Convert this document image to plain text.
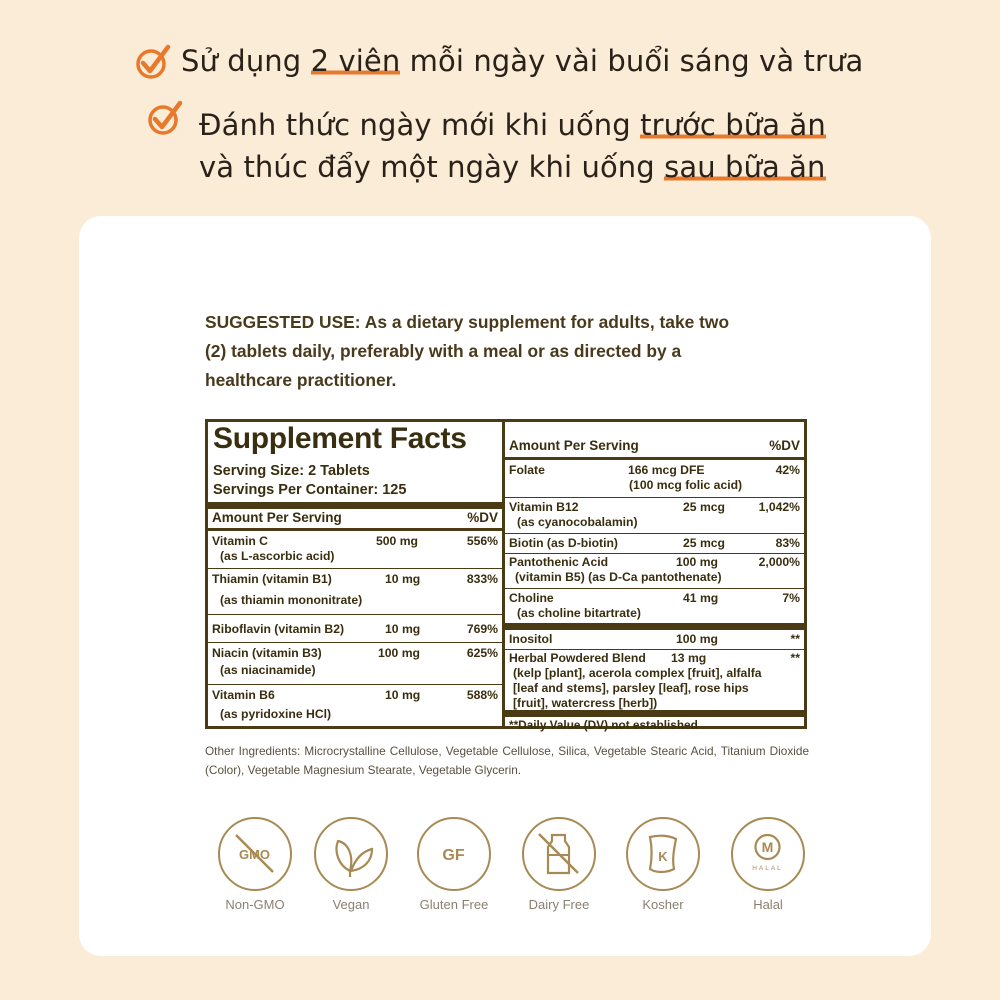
Sử dụng 2 viên mỗi ngày vài buổi sáng và trưa
Đánh thức ngày mới khi uống trước bữa ăn
và thúc đẩy một ngày khi uống sau bữa ăn
SUGGESTED USE: As a dietary supplement for adults, take two
(2) tablets daily, preferably with a meal or as directed by a
healthcare practitioner.
Supplement Facts
Serving Size: 2 Tablets
Servings Per Container: 125
Amount Per Serving	%DV
Vitamin C	500 mg	556%
(as L-ascorbic acid)
Thiamin (vitamin B1)	10 mg	833%
(as thiamin mononitrate)
Riboflavin (vitamin B2)	10 mg	769%
Niacin (vitamin B3)	100 mg	625%
(as niacinamide)
Vitamin B6	10 mg	588%
(as pyridoxine HCl)
Amount Per Serving	%DV
Folate	166 mcg DFE	42%
(100 mcg folic acid)
Vitamin B12	25 mcg	1,042%
(as cyanocobalamin)
Biotin (as D-biotin)	25 mcg	83%
Pantothenic Acid	100 mg	2,000%
(vitamin B5) (as D-Ca pantothenate)
Choline	41 mg	7%
(as choline bitartrate)
Inositol	100 mg	**
Herbal Powdered Blend 13 mg	**
(kelp [plant], acerola complex [fruit], alfalfa
[leaf and stems], parsley [leaf], rose hips
[fruit], watercress [herb])
**Daily Value (DV) not established
Other Ingredients: Microcrystalline Cellulose, Vegetable Cellulose, Silica, Vegetable Stearic Acid, Titanium Dioxide (Color), Vegetable Magnesium Stearate, Vegetable Glycerin.
GMO
Non-GMO	Vegan
GF
Gluten Free	Dairy Free
K
Kosher
M
HALAL
Halal
